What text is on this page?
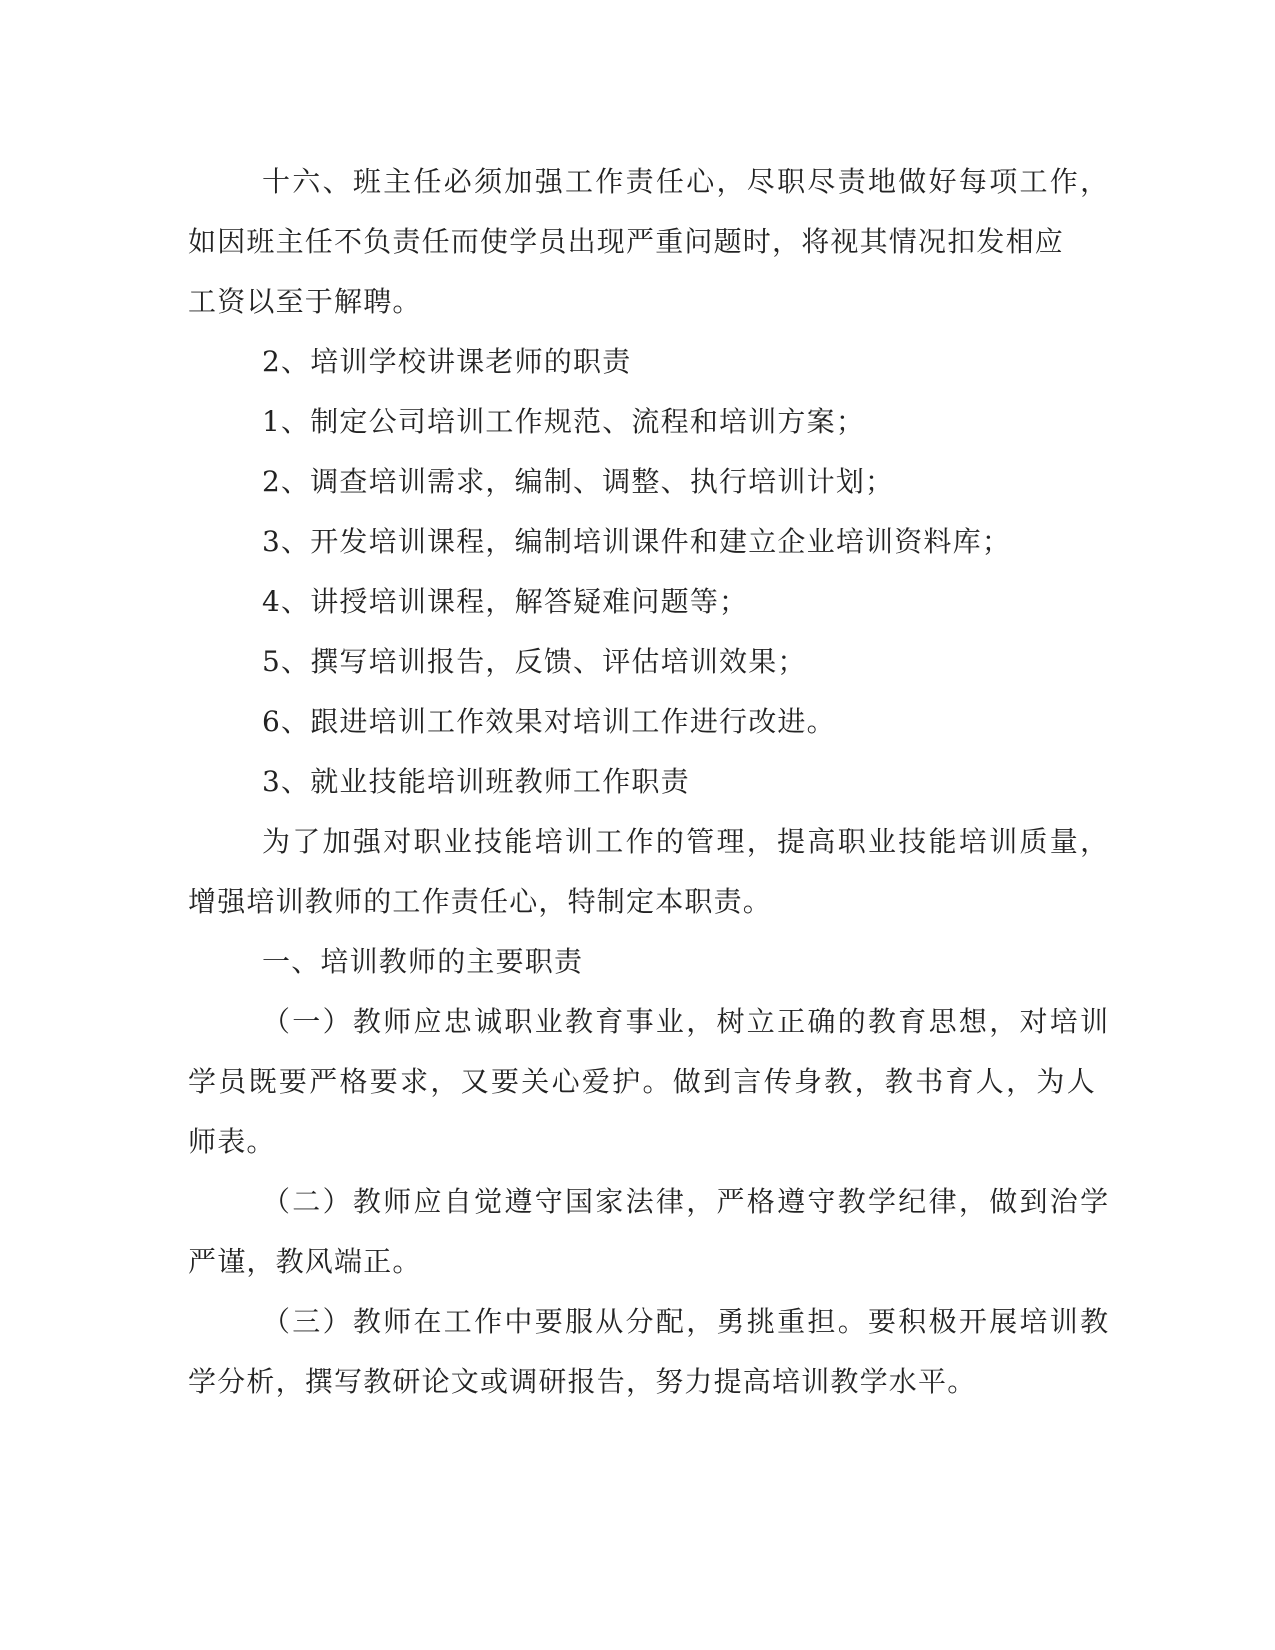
十六、班主任必须加强工作责任心，尽职尽责地做好每项工作，

如因班主任不负责任而使学员出现严重问题时，将视其情况扣发相应

工资以至于解聘。

2、培训学校讲课老师的职责

1、制定公司培训工作规范、流程和培训方案；

2、调查培训需求，编制、调整、执行培训计划；

3、开发培训课程，编制培训课件和建立企业培训资料库；

4、讲授培训课程，解答疑难问题等；

5、撰写培训报告，反馈、评估培训效果；

6、跟进培训工作效果对培训工作进行改进。

3、就业技能培训班教师工作职责

为了加强对职业技能培训工作的管理，提高职业技能培训质量，

增强培训教师的工作责任心，特制定本职责。

一、培训教师的主要职责

（一）教师应忠诚职业教育事业，树立正确的教育思想，对培训

学员既要严格要求，又要关心爱护。做到言传身教，教书育人，为人

师表。

（二）教师应自觉遵守国家法律，严格遵守教学纪律，做到治学

严谨，教风端正。

（三）教师在工作中要服从分配，勇挑重担。要积极开展培训教

学分析，撰写教研论文或调研报告，努力提高培训教学水平。
